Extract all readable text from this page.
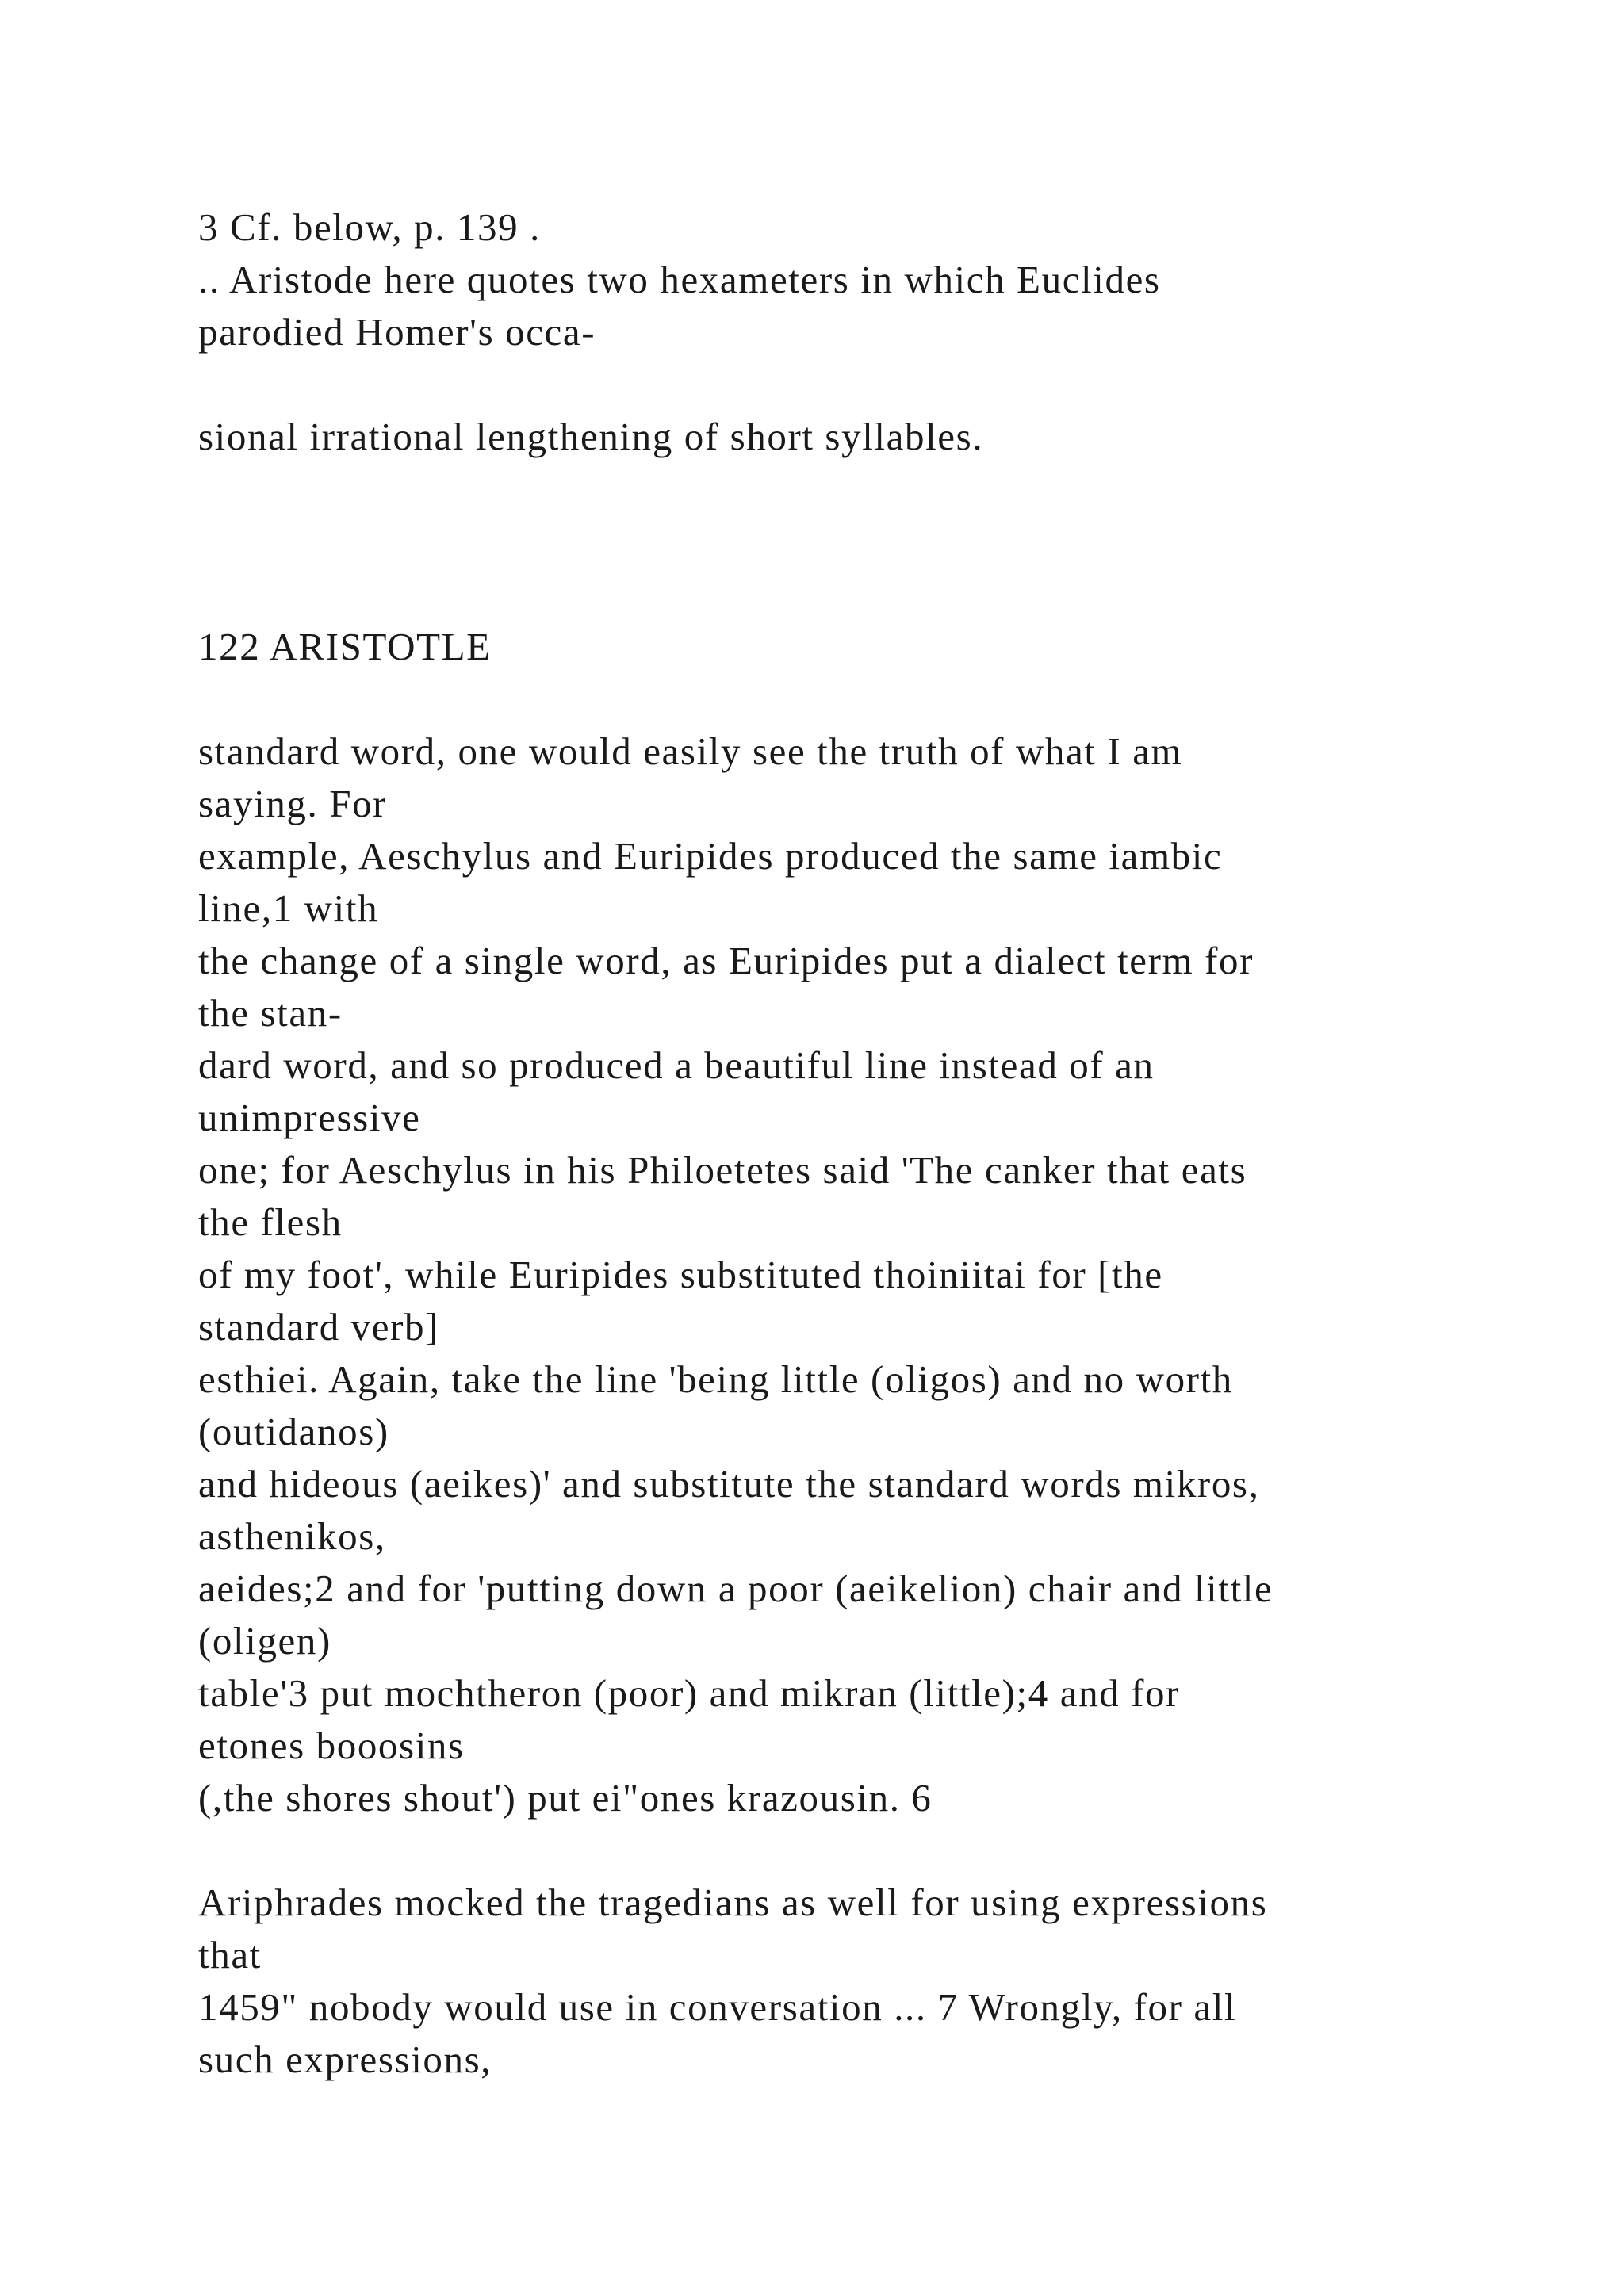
3 Cf. below, p. 139 .

.. Aristode here quotes two hexameters in which Euclides

parodied Homer's occa-

sional irrational lengthening of short syllables.

122 ARISTOTLE

standard word, one would easily see the truth of what I am

saying. For

example, Aeschylus and Euripides produced the same iambic

line,1 with

the change of a single word, as Euripides put a dialect term for

the stan-

dard word, and so produced a beautiful line instead of an

unimpressive

one; for Aeschylus in his Philoetetes said 'The canker that eats

the flesh

of my foot', while Euripides substituted thoiniitai for [the

standard verb]

esthiei. Again, take the line 'being little (oligos) and no worth

(outidanos)

and hideous (aeikes)' and substitute the standard words mikros,

asthenikos,

aeides;2 and for 'putting down a poor (aeikelion) chair and little

(oligen)

table'3 put mochtheron (poor) and mikran (little);4 and for

etones booosins

(,the shores shout') put ei"ones krazousin. 6

Ariphrades mocked the tragedians as well for using expressions

that

1459" nobody would use in conversation ... 7 Wrongly, for all

such expressions,
